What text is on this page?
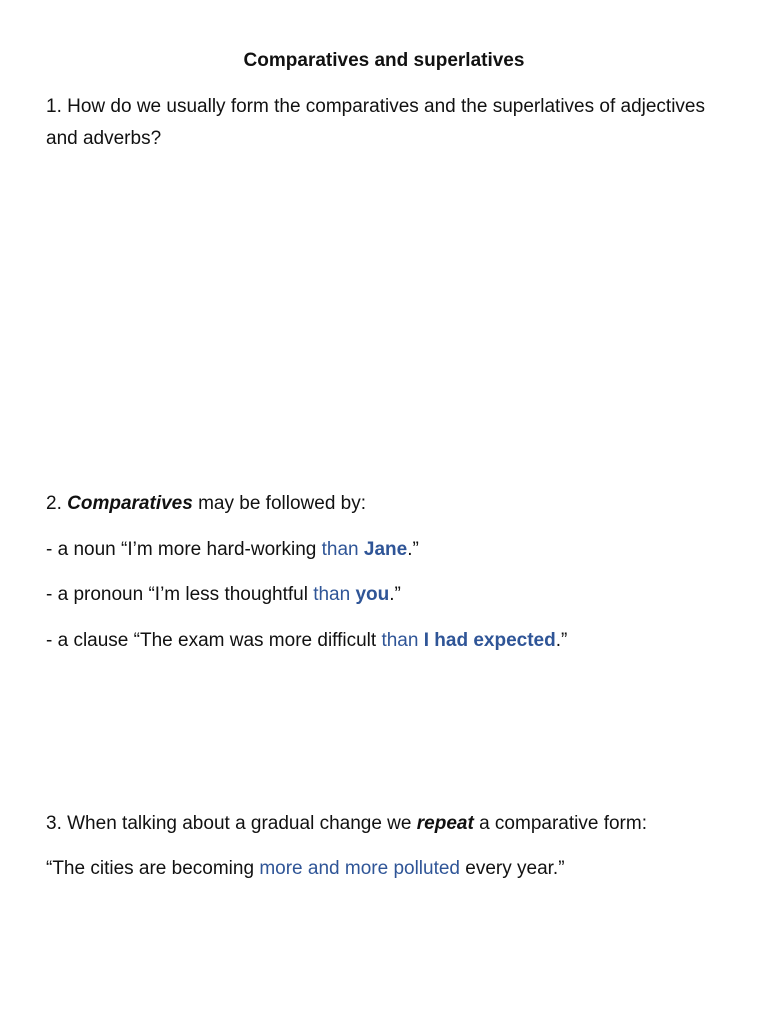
Comparatives and superlatives
1. How do we usually form the comparatives and the superlatives of adjectives and adverbs?
2. Comparatives may be followed by:
- a noun “I’m more hard-working than Jane.”
- a pronoun “I’m less thoughtful than you.”
- a clause “The exam was more difficult than I had expected.”
3. When talking about a gradual change we repeat a comparative form:
“The cities are becoming more and more polluted every year.”
